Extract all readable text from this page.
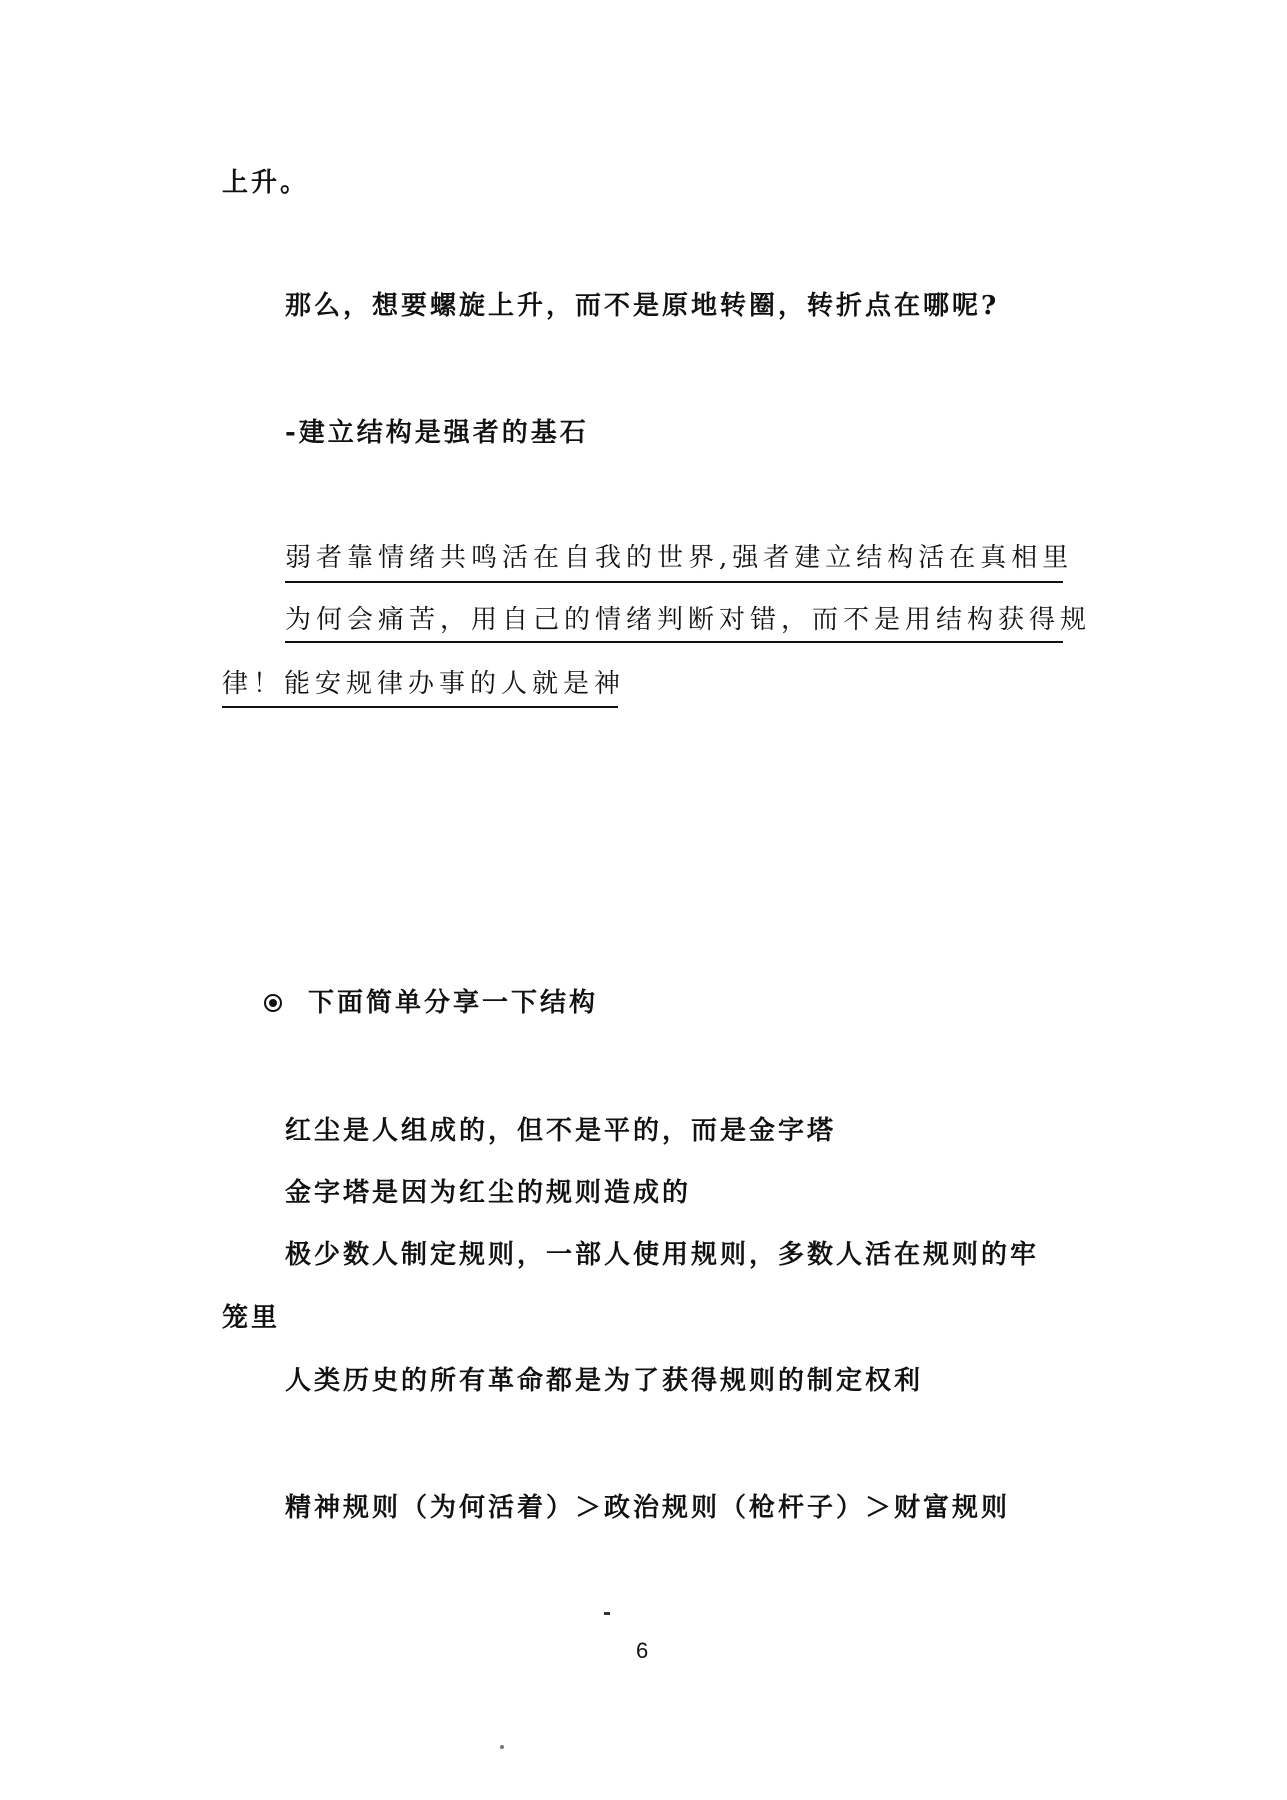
上升。
那么，想要螺旋上升，而不是原地转圈，转折点在哪呢?
-建立结构是强者的基石
弱者靠情绪共鸣活在自我的世界,强者建立结构活在真相里
为何会痛苦，用自己的情绪判断对错，而不是用结构获得规
律！能安规律办事的人就是神
下面简单分享一下结构
红尘是人组成的，但不是平的，而是金字塔
金字塔是因为红尘的规则造成的
极少数人制定规则，一部人使用规则，多数人活在规则的牢
笼里
人类历史的所有革命都是为了获得规则的制定权利
精神规则（为何活着）＞政治规则（枪杆子）＞财富规则
6
